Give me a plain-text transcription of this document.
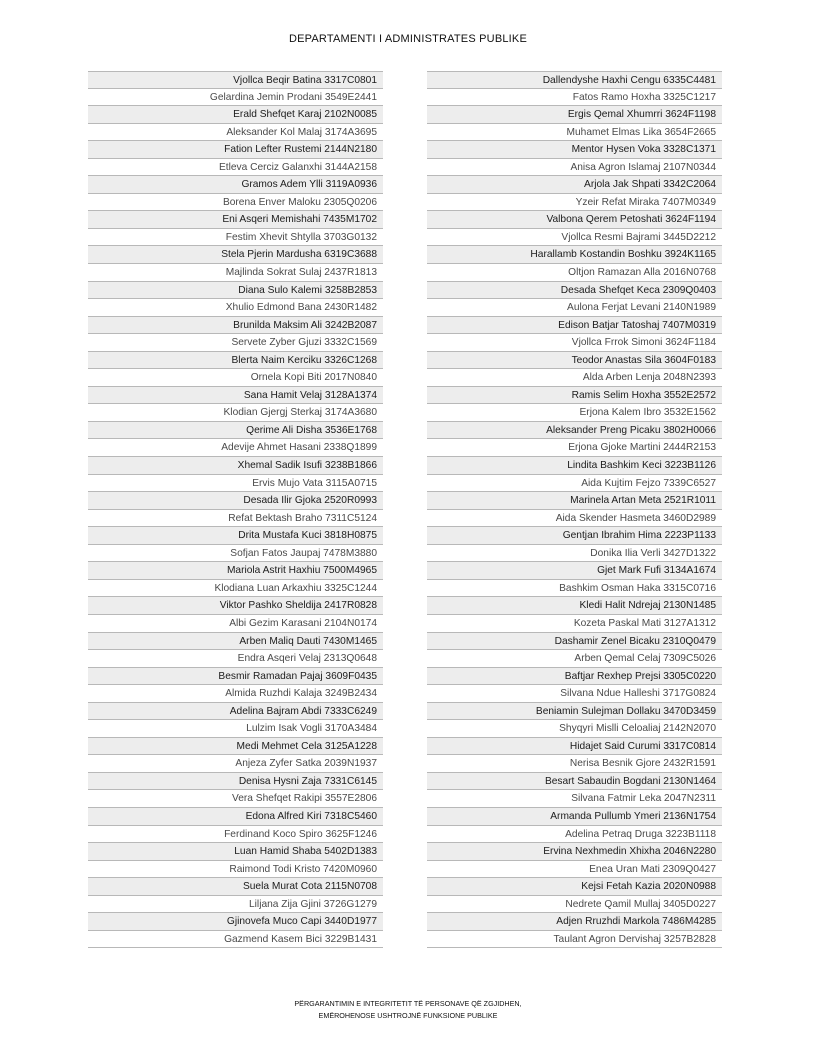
DEPARTAMENTI I ADMINISTRATES PUBLIKE
Vjollca Beqir Batina 3317C0801
Gelardina Jemin Prodani 3549E2441
Erald Shefqet Karaj 2102N0085
Aleksander Kol Malaj 3174A3695
Fation Lefter Rustemi 2144N2180
Etleva Cerciz Galanxhi 3144A2158
Gramos Adem Ylli 3119A0936
Borena Enver Maloku 2305Q0206
Eni Asqeri Memishahi 7435M1702
Festim Xhevit Shtylla 3703G0132
Stela Pjerin Mardusha 6319C3688
Majlinda Sokrat Sulaj 2437R1813
Diana Sulo Kalemi 3258B2853
Xhulio Edmond Bana 2430R1482
Brunilda Maksim Ali 3242B2087
Servete Zyber Gjuzi 3332C1569
Blerta Naim Kerciku 3326C1268
Ornela Kopi Biti 2017N0840
Sana Hamit Velaj 3128A1374
Klodian Gjergj Sterkaj 3174A3680
Qerime Ali Disha 3536E1768
Adevije Ahmet Hasani 2338Q1899
Xhemal Sadik Isufi 3238B1866
Ervis Mujo Vata 3115A0715
Desada Ilir Gjoka 2520R0993
Refat Bektash Braho 7311C5124
Drita Mustafa Kuci 3818H0875
Sofjan Fatos Jaupaj 7478M3880
Mariola Astrit Haxhiu 7500M4965
Klodiana Luan Arkaxhiu 3325C1244
Viktor Pashko Sheldija 2417R0828
Albi Gezim Karasani 2104N0174
Arben Maliq Dauti 7430M1465
Endra Asqeri Velaj 2313Q0648
Besmir Ramadan Pajaj 3609F0435
Almida Ruzhdi Kalaja 3249B2434
Adelina Bajram Abdi 7333C6249
Lulzim Isak Vogli 3170A3484
Medi Mehmet Cela 3125A1228
Anjeza Zyfer Satka 2039N1937
Denisa Hysni Zaja 7331C6145
Vera Shefqet Rakipi 3557E2806
Edona Alfred Kiri 7318C5460
Ferdinand Koco Spiro 3625F1246
Luan Hamid Shaba 5402D1383
Raimond Todi Kristo 7420M0960
Suela Murat Cota 2115N0708
Liljana Zija Gjini 3726G1279
Gjinovefa Muco Capi 3440D1977
Gazmend Kasem Bici 3229B1431
Dallendyshe Haxhi Cengu 6335C4481
Fatos Ramo Hoxha 3325C1217
Ergis Qemal Xhumrri 3624F1198
Muhamet Elmas Lika 3654F2665
Mentor Hysen Voka 3328C1371
Anisa Agron Islamaj 2107N0344
Arjola Jak Shpati 3342C2064
Yzeir Refat Miraka 7407M0349
Valbona Qerem Petoshati 3624F1194
Vjollca Resmi Bajrami 3445D2212
Harallamb Kostandin Boshku 3924K1165
Oltjon Ramazan Alla 2016N0768
Desada Shefqet Keca 2309Q0403
Aulona Ferjat Levani 2140N1989
Edison Batjar Tatoshaj 7407M0319
Vjollca Frrok Simoni 3624F1184
Teodor Anastas Sila 3604F0183
Alda Arben Lenja 2048N2393
Ramis Selim Hoxha 3552E2572
Erjona Kalem Ibro 3532E1562
Aleksander Preng Picaku 3802H0066
Erjona Gjoke Martini 2444R2153
Lindita Bashkim Keci 3223B1126
Aida Kujtim Fejzo 7339C6527
Marinela Artan Meta 2521R1011
Aida Skender Hasmeta 3460D2989
Gentjan Ibrahim Hima 2223P1133
Donika Ilia Verli 3427D1322
Gjet Mark Fufi 3134A1674
Bashkim Osman Haka 3315C0716
Kledi Halit Ndrejaj 2130N1485
Kozeta Paskal Mati 3127A1312
Dashamir Zenel Bicaku 2310Q0479
Arben Qemal Celaj 7309C5026
Baftjar Rexhep Prejsi 3305C0220
Silvana Ndue Halleshi 3717G0824
Beniamin Sulejman Dollaku 3470D3459
Shyqyri Mislli Celoaliaj 2142N2070
Hidajet Said Curumi 3317C0814
Nerisa Besnik Gjore 2432R1591
Besart Sabaudin Bogdani 2130N1464
Silvana Fatmir Leka 2047N2311
Armanda Pullumb Ymeri 2136N1754
Adelina Petraq Druga 3223B1118
Ervina Nexhmedin Xhixha 2046N2280
Enea Uran Mati 2309Q0427
Kejsi Fetah Kazia 2020N0988
Nedrete Qamil Mullaj 3405D0227
Adjen Rruzhdi Markola 7486M4285
Taulant Agron Dervishaj 3257B2828
PËRGARANTIMIN E INTEGRITETIT TË PERSONAVE QË ZGJIDHEN,
EMËROHENOSE USHTROJNË FUNKSIONE PUBLIKE
